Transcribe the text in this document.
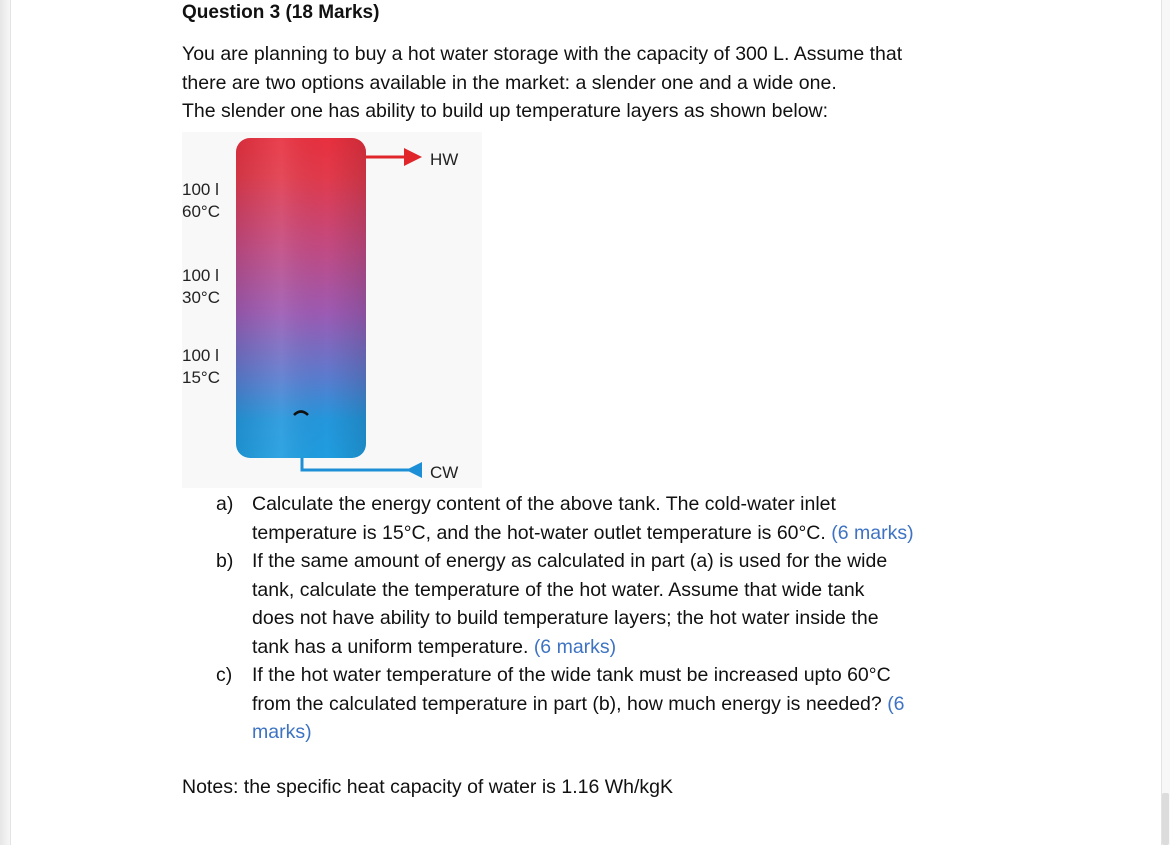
Question 3 (18 Marks)
You are planning to buy a hot water storage with the capacity of 300 L. Assume that
there are two options available in the market: a slender one and a wide one.
The slender one has ability to build up temperature layers as shown below:
HW
CW
100 l
60°C
100 l
30°C
100 l
15°C
a) Calculate the energy content of the above tank. The cold-water inlet
temperature is 15°C, and the hot-water outlet temperature is 60°C. (6 marks)
b) If the same amount of energy as calculated in part (a) is used for the wide
tank, calculate the temperature of the hot water. Assume that wide tank
does not have ability to build temperature layers; the hot water inside the
tank has a uniform temperature. (6 marks)
c)	If the hot water temperature of the wide tank must be increased upto 60°C
from the calculated temperature in part (b), how much energy is needed? (6
marks)
Notes: the specific heat capacity of water is 1.16 Wh/kgK
